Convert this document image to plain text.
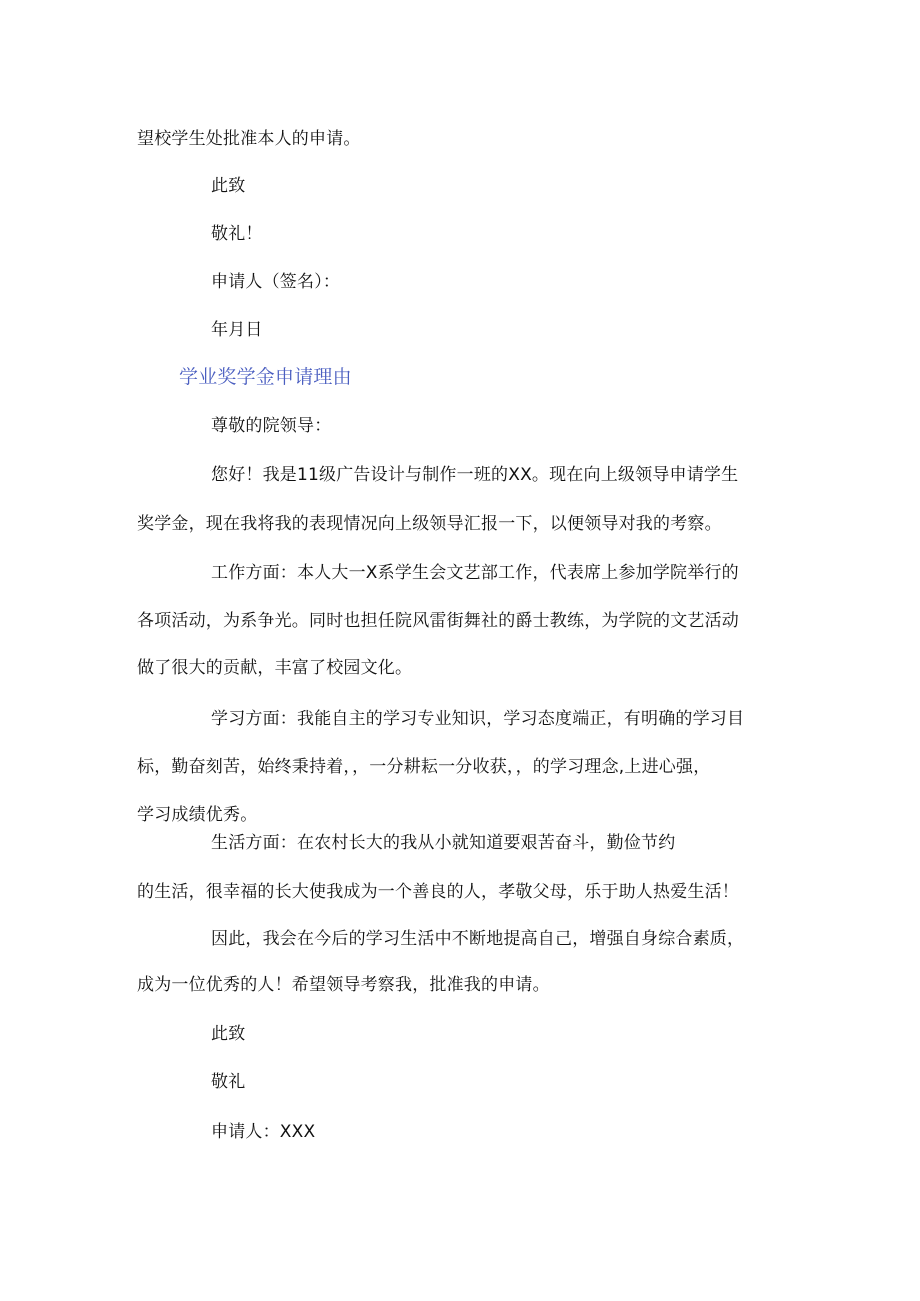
望校学生处批准本人的申请。
此致
敬礼！
申请人（签名）：
年月日
学业奖学金申请理由
尊敬的院领导：
您好！我是11级广告设计与制作一班的XX。现在向上级领导申请学生
奖学金，现在我将我的表现情况向上级领导汇报一下，以便领导对我的考察。
工作方面：本人大一X系学生会文艺部工作，代表席上参加学院举行的
各项活动，为系争光。同时也担任院风雷街舞社的爵士教练，为学院的文艺活动
做了很大的贡献，丰富了校园文化。
学习方面：我能自主的学习专业知识，学习态度端正，有明确的学习目
标，勤奋刻苦，始终秉持着，，一分耕耘一分收获，，的学习理念,上进心强，
学习成绩优秀。
生活方面：在农村长大的我从小就知道要艰苦奋斗，勤俭节约
的生活，很幸福的长大使我成为一个善良的人，孝敬父母，乐于助人热爱生活！
因此，我会在今后的学习生活中不断地提高自己，增强自身综合素质，
成为一位优秀的人！希望领导考察我，批准我的申请。
此致
敬礼
申请人：XXX
